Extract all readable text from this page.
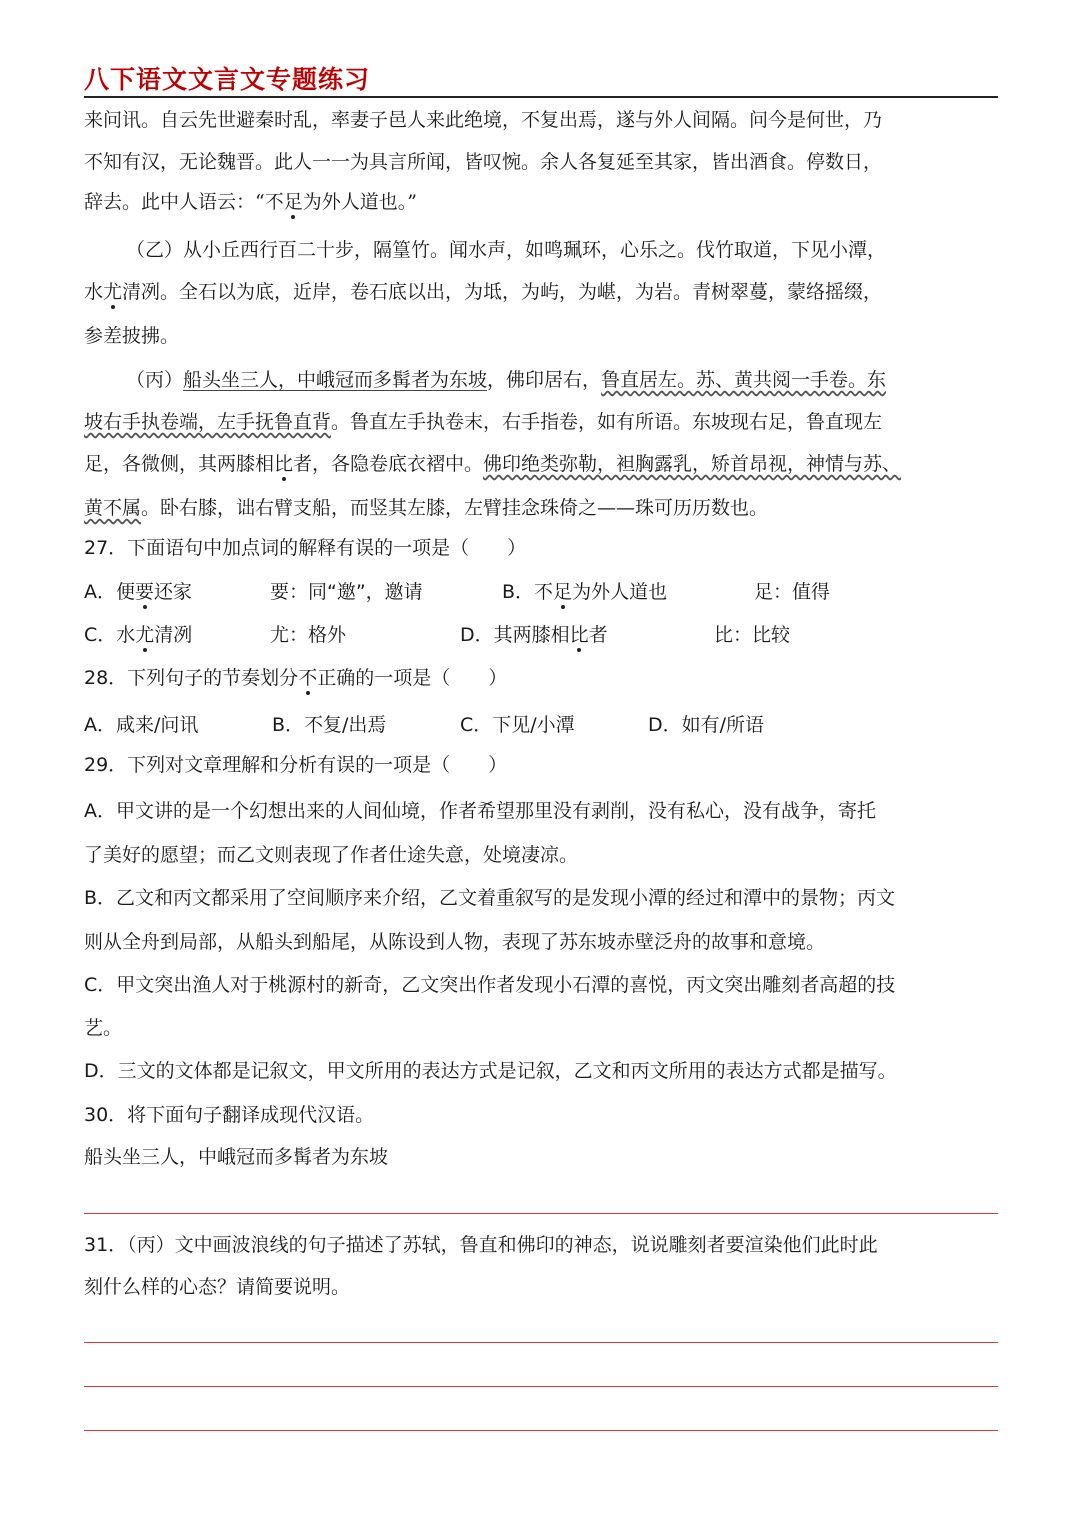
八下语文文言文专题练习
来问讯。自云先世避秦时乱，率妻子邑人来此绝境，不复出焉，遂与外人间隔。问今是何世，乃
不知有汉，无论魏晋。此人一一为具言所闻，皆叹惋。余人各复延至其家，皆出酒食。停数日，
辞去。此中人语云：“不足为外人道也。”
（乙）从小丘西行百二十步，隔篁竹。闻水声，如鸣珮环，心乐之。伐竹取道，下见小潭，
水尤清冽。全石以为底，近岸，卷石底以出，为坻，为屿，为嵁，为岩。青树翠蔓，蒙络摇缀，
参差披拂。
（丙）船头坐三人，中峨冠而多髯者为东坡，佛印居右，鲁直居左。苏、黄共阅一手卷。东
坡右手执卷端，左手抚鲁直背。鲁直左手执卷末，右手指卷，如有所语。东坡现右足，鲁直现左
足，各微侧，其两膝相比者，各隐卷底衣褶中。佛印绝类弥勒，袒胸露乳，矫首昂视，神情与苏、
黄不属。卧右膝，诎右臂支船，而竖其左膝，左臂挂念珠倚之——珠可历历数也。
27．下面语句中加点词的解释有误的一项是（　　）
A．便要还家	要：同“邀”，邀请	B．不足为外人道也	足：值得
C．水尤清冽	尤：格外	D．其两膝相比者	比：比较
28．下列句子的节奏划分不正确的一项是（　　）
A．咸来/问讯	B．不复/出焉	C．下见/小潭	D．如有/所语
29．下列对文章理解和分析有误的一项是（　　）
A．甲文讲的是一个幻想出来的人间仙境，作者希望那里没有剥削，没有私心，没有战争，寄托
了美好的愿望；而乙文则表现了作者仕途失意，处境凄凉。
B．乙文和丙文都采用了空间顺序来介绍，乙文着重叙写的是发现小潭的经过和潭中的景物；丙文
则从全舟到局部，从船头到船尾，从陈设到人物，表现了苏东坡赤壁泛舟的故事和意境。
C．甲文突出渔人对于桃源村的新奇，乙文突出作者发现小石潭的喜悦，丙文突出雕刻者高超的技
艺。
D．三文的文体都是记叙文，甲文所用的表达方式是记叙，乙文和丙文所用的表达方式都是描写。
30．将下面句子翻译成现代汉语。
船头坐三人，中峨冠而多髯者为东坡
31．（丙）文中画波浪线的句子描述了苏轼，鲁直和佛印的神态，说说雕刻者要渲染他们此时此
刻什么样的心态？请简要说明。
